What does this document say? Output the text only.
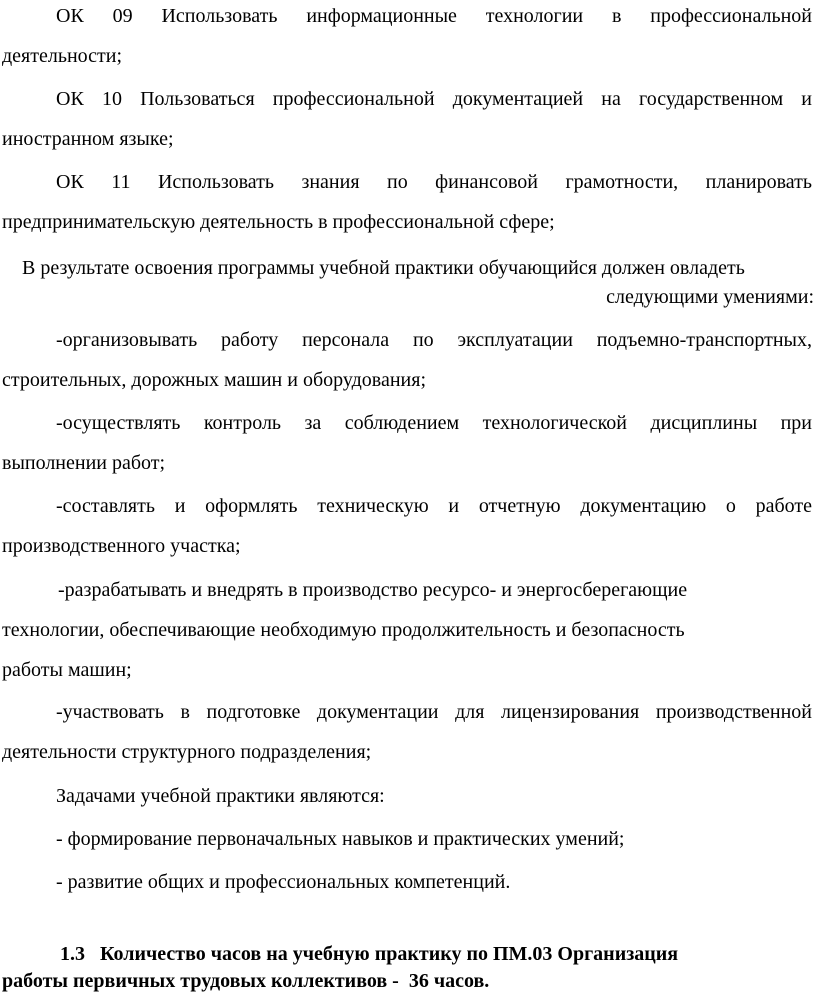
ОК 09 Использовать информационные технологии в профессиональной
деятельности;
ОК 10 Пользоваться профессиональной документацией на государственном и
иностранном языке;
ОК 11 Использовать знания по финансовой грамотности, планировать
предпринимательскую деятельность в профессиональной сфере;
В результате освоения программы учебной практики обучающийся должен овладеть
следующими умениями:
-организовывать работу персонала по эксплуатации подъемно-транспортных,
строительных, дорожных машин и оборудования;
-осуществлять контроль за соблюдением технологической дисциплины при
выполнении работ;
-составлять и оформлять техническую и отчетную документацию о работе
производственного участка;
-разрабатывать и внедрять в производство ресурсо- и энергосберегающие
технологии, обеспечивающие необходимую продолжительность и безопасность
работы машин;
-участвовать в подготовке документации для лицензирования производственной
деятельности структурного подразделения;
Задачами учебной практики являются:
- формирование первоначальных навыков и практических умений;
- развитие общих и профессиональных компетенций.
1.3   Количество часов на учебную практику по ПМ.03 Организация
работы первичных трудовых коллективов -  36 часов.
